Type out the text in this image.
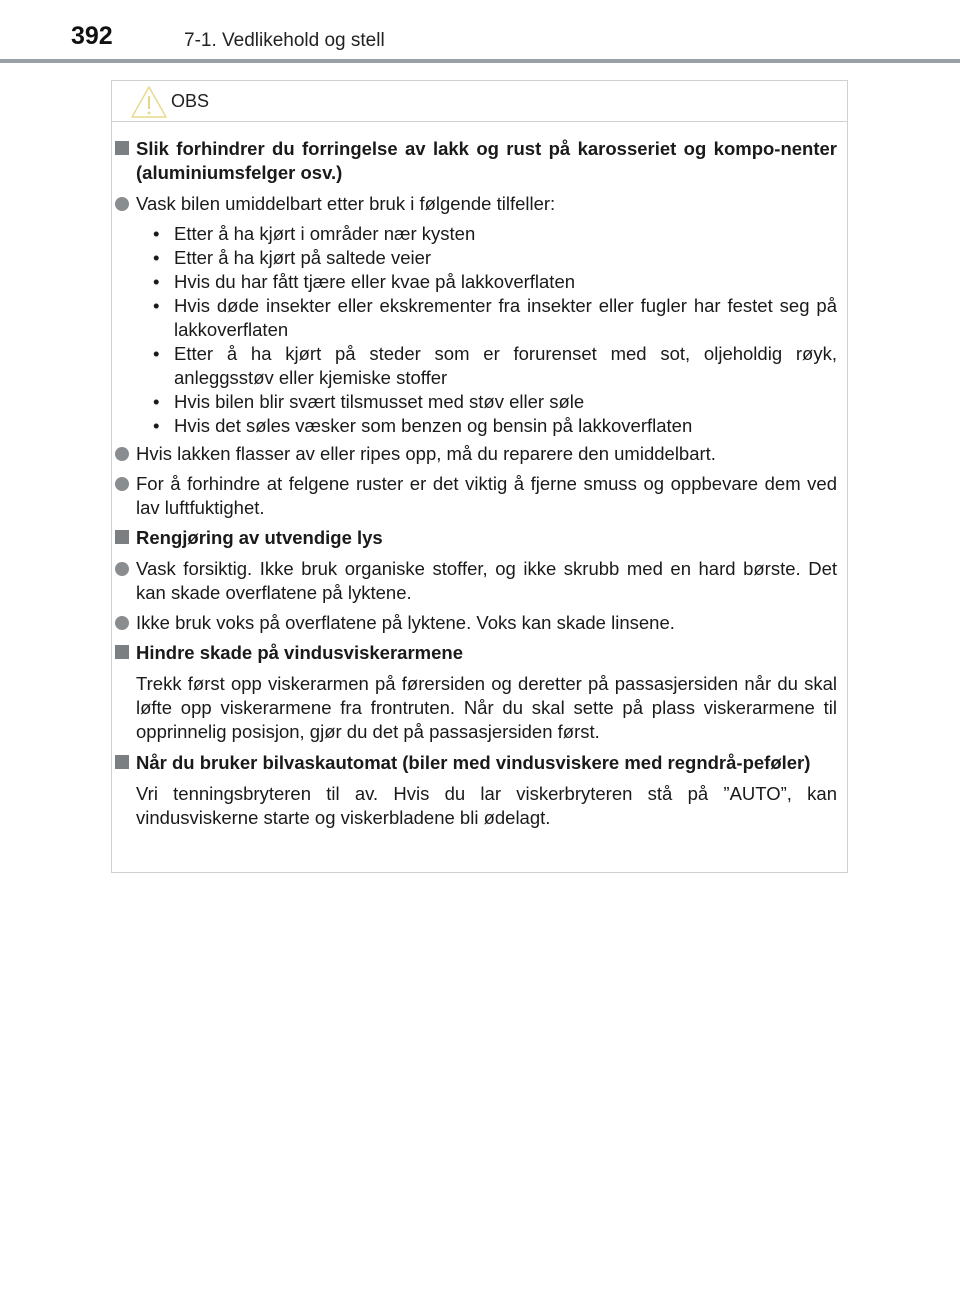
392	7-1. Vedlikehold og stell
OBS
Slik forhindrer du forringelse av lakk og rust på karosseriet og kompo-nenter (aluminiumsfelger osv.)
Vask bilen umiddelbart etter bruk i følgende tilfeller:
• Etter å ha kjørt i områder nær kysten
• Etter å ha kjørt på saltede veier
• Hvis du har fått tjære eller kvae på lakkoverflaten
• Hvis døde insekter eller ekskrementer fra insekter eller fugler har festet seg på lakkoverflaten
• Etter å ha kjørt på steder som er forurenset med sot, oljeholdig røyk, anleggsstøv eller kjemiske stoffer
• Hvis bilen blir svært tilsmusset med støv eller søle
• Hvis det søles væsker som benzen og bensin på lakkoverflaten
Hvis lakken flasser av eller ripes opp, må du reparere den umiddelbart.
For å forhindre at felgene ruster er det viktig å fjerne smuss og oppbevare dem ved lav luftfuktighet.
Rengjøring av utvendige lys
Vask forsiktig. Ikke bruk organiske stoffer, og ikke skrubb med en hard børste. Det kan skade overflatene på lyktene.
Ikke bruk voks på overflatene på lyktene. Voks kan skade linsene.
Hindre skade på vindusviskerarmene
Trekk først opp viskerarmen på førersiden og deretter på passasjersiden når du skal løfte opp viskerarmene fra frontruten. Når du skal sette på plass viskerarmene til opprinnelig posisjon, gjør du det på passasjersiden først.
Når du bruker bilvaskautomat (biler med vindusviskere med regndrå-peføler)
Vri tenningsbryteren til av. Hvis du lar viskerbryteren stå på ”AUTO”, kan vindusviskerne starte og viskerbladene bli ødelagt.
